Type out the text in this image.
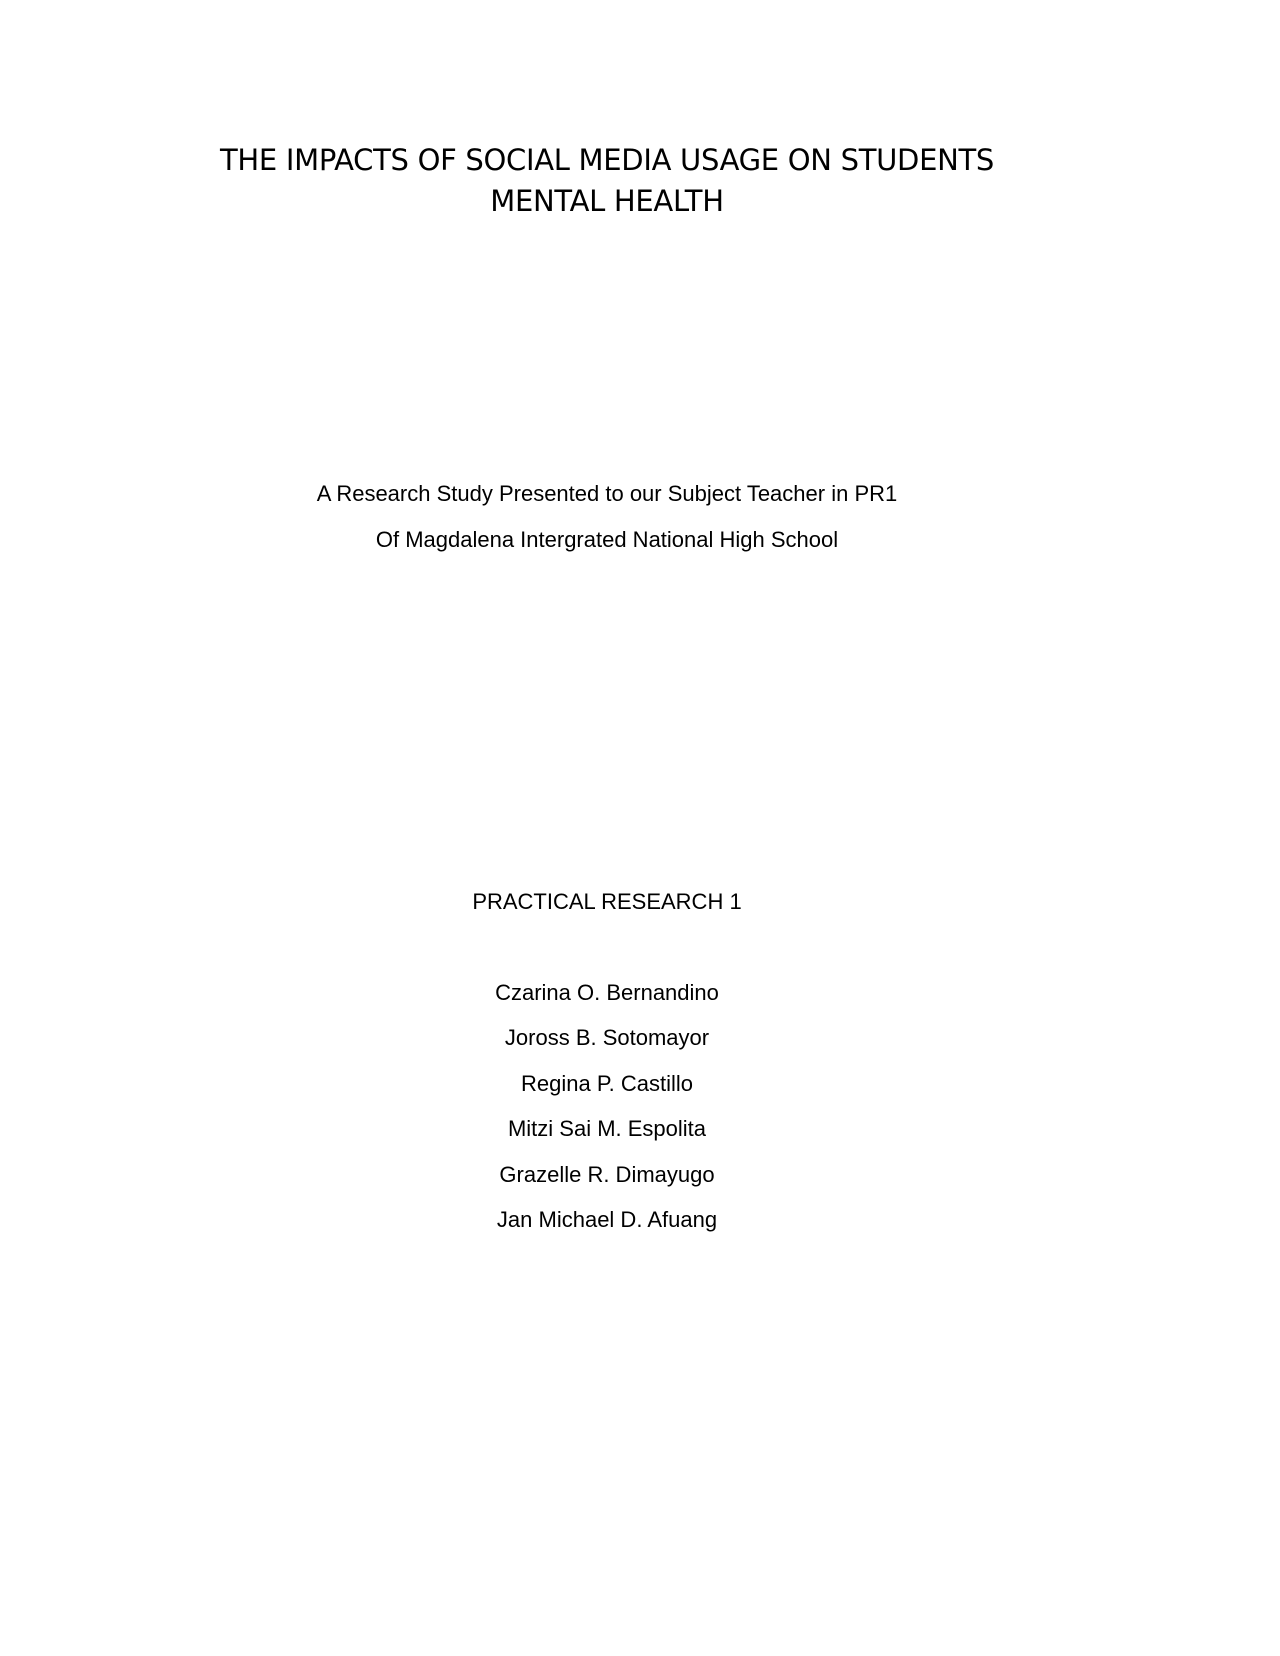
THE IMPACTS OF SOCIAL MEDIA USAGE ON STUDENTS
MENTAL HEALTH
A Research Study Presented to our Subject Teacher in PR1
Of Magdalena Intergrated National High School
PRACTICAL RESEARCH 1
Czarina O. Bernandino
Joross B. Sotomayor
Regina P. Castillo
Mitzi Sai M. Espolita
Grazelle R. Dimayugo
Jan Michael D. Afuang
